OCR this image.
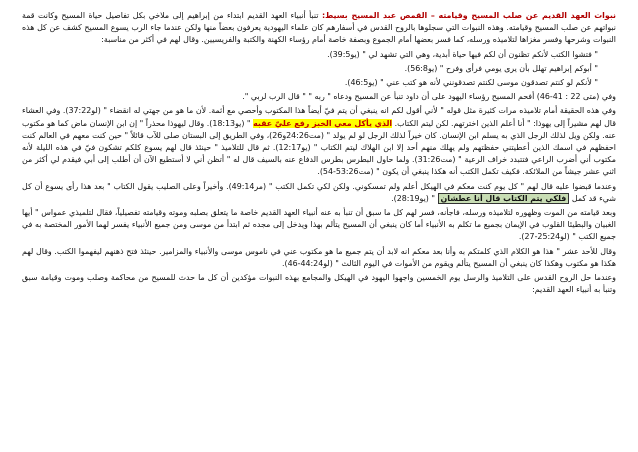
نبوات العهد القديم عن صلب المسيح وقيامته – القمص عبد المسيح بسيط: تنبأ أنبياء العهد القديم ابتداء من إبراهيم إلى ملاخي بكل تفاصيل حياة المسيح وكانت قمة نبواتهم عن صلب المسيح وقيامته. وهذه النبوات التي سجلوها بالروح القدس في أسفارهم كان علماء اليهودية يعرفون بعضاً منها ولكن عندما جاء الرب يسوع المسيح كشف عن كل هذه النبوات وشرحها وفسر مغزاها لتلاميذه ورسله، كما فسر بعضها أمام الجموع وبصفة خاصة أمام رؤساء الكهنة والكتبة والفريسيين. وقال لهم في أكثر من مناسبة:

" فتشوا الكتب لأنكم تظنون أن لكم فيها حياة أبدية، وهي التي تشهد لي " (يو39:5).

" أبوكم إبراهيم تهلل بأن يرى يومي فرأى وفرح " (يو56:8).

" لأنكم لو كنتم تصدقون موسى لكنتم تصدقونني لأنه هو كتب عني " (يو46:5).

وفي (متى 22 : 41-46) أفحم المسيح رؤساء اليهود على أن داود تنبأ عن المسيح ودعاه " ربه " " قال الرب لربي ".

وفي هذه الحقيقة أمام تلاميذه مرات كثيرة مثل قوله " لأني أقول لكم انه ينبغي أن يتم فيّ أيضاً هذا المكتوب وأحصي مع أثمة. لأن ما هو من جهتي له انقضاء " (لو37:22). وفي العشاء قال لهم مشيراً إلى يهوذا: " أنا أعلم الذين اخترتهم. لكن ليتم الكتاب. الذي يأكل معي الخبز رفع عليّ عقبه " (يو18:13). وقال ليهوذا محذراً " إن ابن الإنسان ماض كما هو مكتوب عنه. ولكن ويل لذلك الرجل الذي به يسلم ابن الإنسان. كان خيراً لذلك الرجل لو لم يولد " (مت24:26و26)، وفي الطريق إلى البستان صلى للآب قائلاً " حين كنت معهم في العالم كنت احفظهم في اسمك الذين أعطيتني حفظتهم ولم يهلك منهم أحد إلا ابن الهلاك ليتم الكتاب " (يو12:17). ثم قال للتلاميذ " حينئذ قال لهم يسوع كلكم تشكون فيّ في هذه الليلة لأنه مكتوب أني أضرب الراعي فتتبدد خراف الرعية " (مت31:26). ولما حاول البطرس بطرس الدفاع عنه بالسيف قال له " أتظن أني لا أستطيع الآن أن أطلب إلى أبي فيقدم لي أكثر من اثني عشر جيشاً من الملائكة. فكيف تكمل الكتب أنه هكذا ينبغي أن يكون " (مت53:26-54).

وعندما قبضوا عليه قال لهم " كل يوم كنت معكم في الهيكل أعلم ولم تمسكوني. ولكن لكي تكمل الكتب " (مر49:14). وأخيراً وعلى الصليب يقول الكتاب " بعد هذا رأى يسوع أن كل شيء قد كمل فلكي يتم الكتاب قال أنا عطشان " (يو28:19).

وبعد قيامته من الموت وظهوره لتلاميذه ورسله، فاجأنه، فسر لهم كل ما سبق أن تنبأ به عنه أنبياء العهد القديم خاصة ما يتعلق بصلبه وموته وقيامته تفصيلياً، فقال لتلميذي عمواس " أيها الغبيان والبطيئا القلوب في الإيمان بجميع ما تكلم به الأنبياء أما كان ينبغي أن المسيح يتألم بهذا ويدخل إلى مجده ثم ابتدأ من موسى ومن جميع الأنبياء يفسر لهما الأمور المختصة به في جميع الكتب " (لو25:24-27).

وقال للأحد عشر " هذا هو الكلام الذي كلمتكم به وأنا بعد معكم انه لابد أن يتم جميع ما هو مكتوب عني في ناموس موسى والأنبياء والمزامير. حينئذ فتح ذهنهم ليفهموا الكتب. وقال لهم هكذا هو مكتوب وهكذا كان ينبغي أن المسيح يتألم ويقوم من الأموات في اليوم الثالث " (لو44:24-46).

وعندما حل الروح القدس على التلاميذ والرسل يوم الخمسين واجهوا اليهود في الهيكل والمجامع بهذه النبوات مؤكدين أن كل ما حدث للمسيح من محاكمة وصلب وموت وقيامة سبق وتنبأ به أنبياء العهد القديم:
